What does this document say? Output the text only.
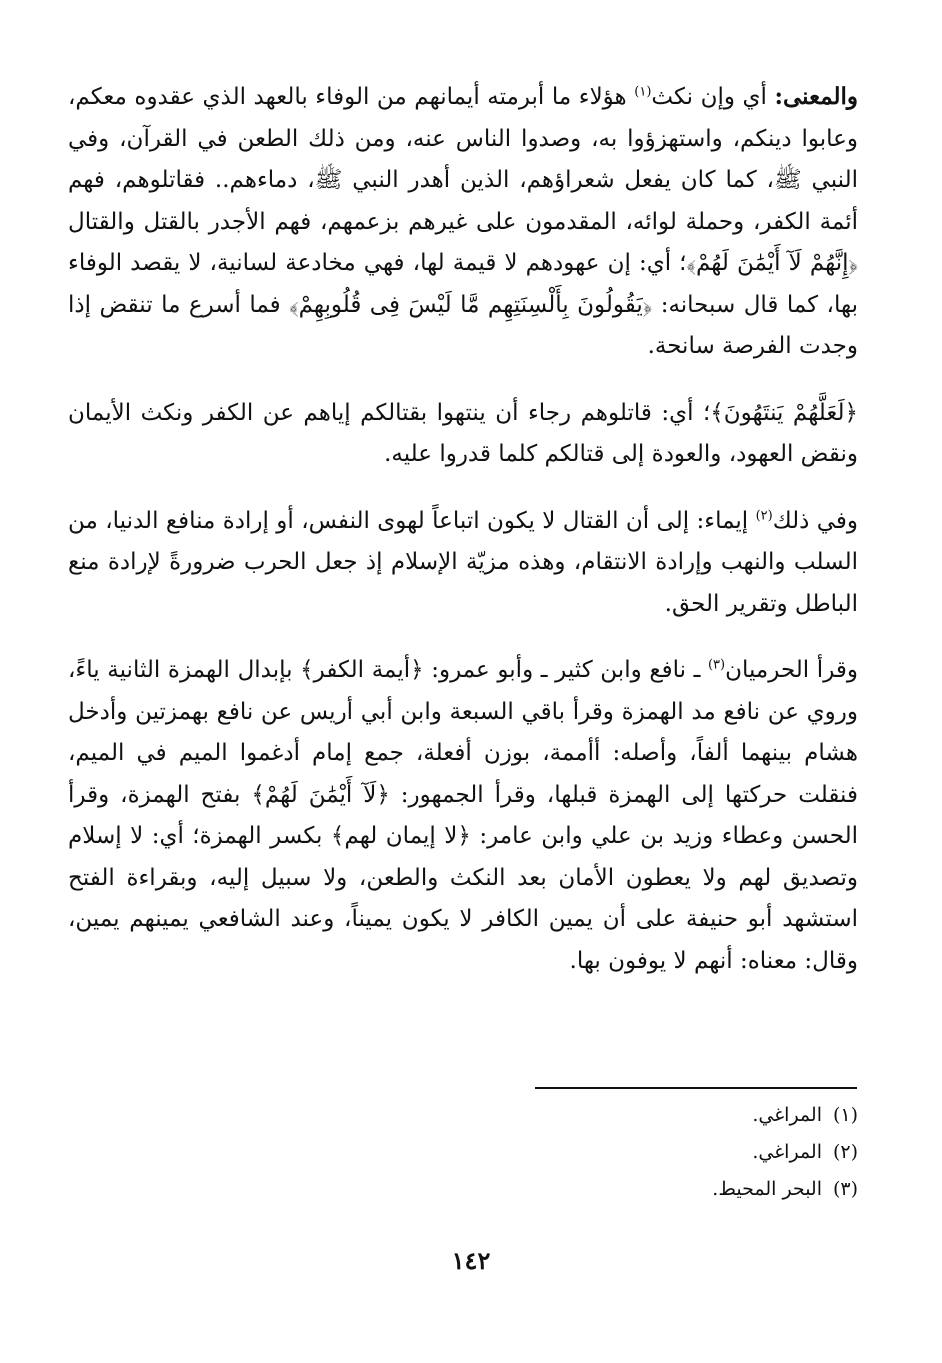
والمعنى: أي وإن نكث$^{(١)}$ هؤلاء ما أبرمته أيمانهم من الوفاء بالعهد الذي عقدوه معكم، وعابوا دينكم، واستهزؤوا به، وصدوا الناس عنه، ومن ذلك الطعن في القرآن، وفي النبي ﷺ، كما كان يفعل شعراؤهم، الذين أهدر النبي ﷺ، دماءهم.. فقاتلوهم، فهم أئمة الكفر، وحملة لوائه، المقدمون على غيرهم بزعمهم، فهم الأجدر بالقتل والقتال ﴿إِنَّهُمْ لَآ أَيْمَٰنَ لَهُمْ﴾؛ أي: إن عهودهم لا قيمة لها، فهي مخادعة لسانية، لا يقصد الوفاء بها، كما قال سبحانه: ﴿يَقُولُونَ بِأَلْسِنَتِهِم مَّا لَيْسَ فِى قُلُوبِهِمْ﴾ فما أسرع ما تنقض إذا وجدت الفرصة سانحة.

﴿لَعَلَّهُمْ يَنتَهُونَ﴾؛ أي: قاتلوهم رجاء أن ينتهوا بقتالكم إياهم عن الكفر ونكث الأيمان ونقض العهود، والعودة إلى قتالكم كلما قدروا عليه.

وفي ذلك$^{(٢)}$ إيماء: إلى أن القتال لا يكون اتباعاً لهوى النفس، أو إرادة منافع الدنيا، من السلب والنهب وإرادة الانتقام، وهذه مزيّة الإسلام إذ جعل الحرب ضرورةً لإرادة منع الباطل وتقرير الحق.

وقرأ الحرميان$^{(٣)}$ ـ نافع وابن كثير ـ وأبو عمرو: ﴿أيمة الكفر﴾ بإبدال الهمزة الثانية ياءً، وروي عن نافع مد الهمزة وقرأ باقي السبعة وابن أبي أريس عن نافع بهمزتين وأدخل هشام بينهما ألفاً، وأصله: أأممة، بوزن أفعلة، جمع إمام أدغموا الميم في الميم، فنقلت حركتها إلى الهمزة قبلها، وقرأ الجمهور: ﴿لَآ أَيْمَٰنَ لَهُمْ﴾ بفتح الهمزة، وقرأ الحسن وعطاء وزيد بن علي وابن عامر: ﴿لا إيمان لهم﴾ بكسر الهمزة؛ أي: لا إسلام وتصديق لهم ولا يعطون الأمان بعد النكث والطعن، ولا سبيل إليه، وبقراءة الفتح استشهد أبو حنيفة على أن يمين الكافر لا يكون يميناً، وعند الشافعي يمينهم يمين، وقال: معناه: أنهم لا يوفون بها.

(١)المراغي.
(٢)المراغي.
(٣)البحر المحيط.
١٤٢
